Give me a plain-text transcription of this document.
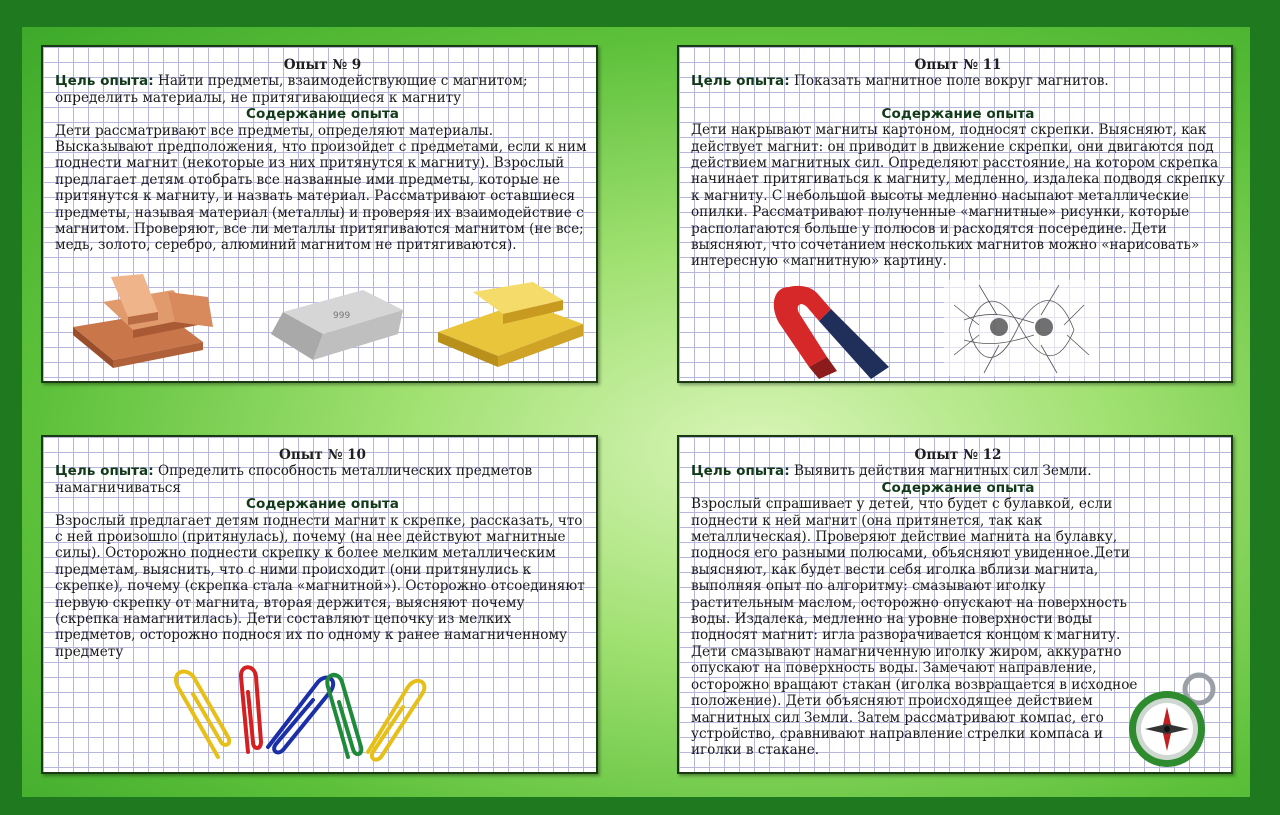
Опыт № 9
Цель опыта: Найти предметы, взаимодействующие с магнитом; определить материалы, не притягивающиеся к магниту
Содержание опыта
Дети рассматривают все предметы, определяют материалы. Высказывают предположения, что произойдет с предметами, если к ним поднести магнит (некоторые из них притянутся к магниту). Взрослый предлагает детям отобрать все названные ими предметы, которые не притянутся к магниту, и назвать материал. Рассматривают оставшиеся предметы, называя материал (металлы) и проверяя их взаимодействие с магнитом. Проверяют, все ли металлы притягиваются магнитом (не все; медь, золото, серебро, алюминий магнитом не притягиваются).
999
Опыт № 11
Цель опыта: Показать магнитное поле вокруг магнитов.
Содержание опыта
Дети накрывают магниты картоном, подносят скрепки. Выясняют, как действует магнит: он приводит в движение скрепки, они двигаются под действием магнитных сил. Определяют расстояние, на котором скрепка начинает притягиваться к магниту, медленно, издалека подводя скрепку к магниту. С небольшой высоты медленно насыпают металлические опилки. Рассматривают полученные «магнитные» рисунки, которые располагаются больше у полюсов и расходятся посередине. Дети выясняют, что сочетанием нескольких магнитов можно «нарисовать» интересную «магнитную» картину.
Опыт № 10
Цель опыта: Определить способность металлических предметов намагничиваться
Содержание опыта
Взрослый предлагает детям поднести магнит к скрепке, рассказать, что с ней произошло (притянулась), почему (на нее действуют магнитные силы). Осторожно поднести скрепку к более мелким металлическим предметам, выяснить, что с ними происходит (они притянулись к скрепке), почему (скрепка стала «магнитной»). Осторожно отсоединяют первую скрепку от магнита, вторая держится, выясняют почему (скрепка намагнитилась). Дети составляют цепочку из мелких предметов, осторожно поднося их по одному к ранее намагниченному предмету
Опыт № 12
Цель опыта: Выявить действия магнитных сил Земли.
Содержание опыта
Взрослый спрашивает у детей, что будет с булавкой, если поднести к ней магнит (она притянется, так как металлическая). Проверяют действие магнита на булавку, поднося его разными полюсами, объясняют увиденное.Дети выясняют, как будет вести себя иголка вблизи магнита, выполняя опыт по алгоритму: смазывают иголку растительным маслом, осторожно опускают на поверхность воды. Издалека, медленно на уровне поверхности воды подносят магнит: игла разворачивается концом к магниту. Дети смазывают намагниченную иголку жиром, аккуратно опускают на поверхность воды. Замечают направление, осторожно вращают стакан (иголка возвращается в исходное положение). Дети объясняют происходящее действием магнитных сил Земли. Затем рассматривают компас, его устройство, сравнивают направление стрелки компаса и иголки в стакане.
